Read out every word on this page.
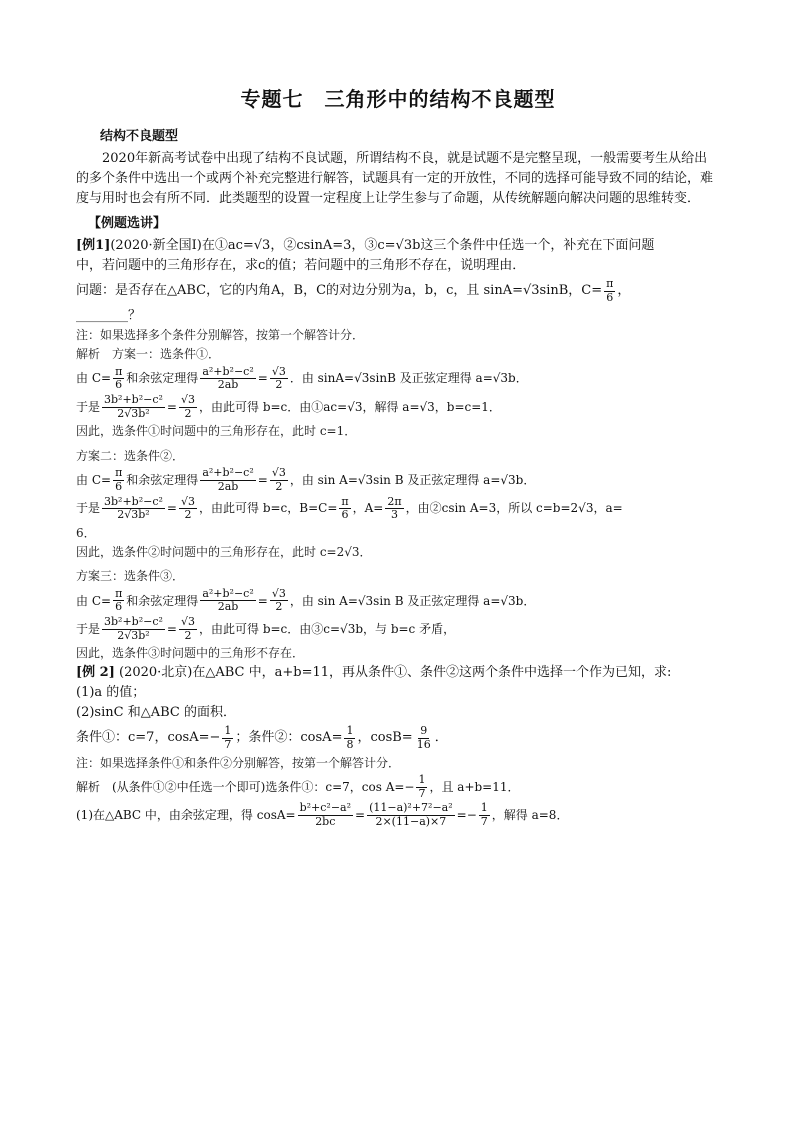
专题七　三角形中的结构不良题型
结构不良题型

2020年新高考试卷中出现了结构不良试题，所谓结构不良，就是试题不是完整呈现，一般需要考生从给出的多个条件中选出一个或两个补充完整进行解答，试题具有一定的开放性，不同的选择可能导致不同的结论，难度与用时也会有所不同．此类题型的设置一定程度上让学生参与了命题，从传统解题向解决问题的思维转变．

【例题选讲】

[例1](2020·新全国Ⅰ)在①ac=√3，②csinA=3，③c=√3b这三个条件中任选一个，补充在下面问题

中，若问题中的三角形存在，求c的值；若问题中的三角形不存在，说明理由．

问题：是否存在△ABC，它的内角A，B，C的对边分别为a，b，c，且 sinA=√3sinB，$C= \frac{\pi}{6}$ ，

________？

注：如果选择多个条件分别解答，按第一个解答计分．

解析　方案一：选条件①．

由 $C= \frac{\pi}{6}$ 和余弦定理得 $\frac{\text{a²+b²−c²}}{2ab} = \frac{√3}{2}$ ．由 sinA=√3sinB 及正弦定理得 a=√3b．
于是 $\frac{\text{3b²+b²−c²}}{\text{2√3b²}} = \frac{√3}{2}$ ，由此可得 b=c．由①ac=√3，解得 a=√3，b=c=1．

因此，选条件①时问题中的三角形存在，此时 c=1．

方案二：选条件②．

由 $C= \frac{\pi}{6}$ 和余弦定理得 $\frac{\text{a²+b²−c²}}{2ab} = \frac{√3}{2}$ ，由 sin A=√3sin B 及正弦定理得 a=√3b．
于是 $\frac{\text{3b²+b²−c²}}{\text{2√3b²}} = \frac{√3}{2}$ ，由此可得 b=c，$B=C= \frac{\pi}{6}$ ，$A= \frac{2\pi}{3}$ ，由②csin A=3，所以 c=b=2√3，a=

6．

因此，选条件②时问题中的三角形存在，此时 c=2√3．

方案三：选条件③．

由 $C= \frac{\pi}{6}$ 和余弦定理得 $\frac{\text{a²+b²−c²}}{2ab} = \frac{√3}{2}$ ，由 sin A=√3sin B 及正弦定理得 a=√3b．
于是 $\frac{\text{3b²+b²−c²}}{\text{2√3b²}} = \frac{√3}{2}$ ，由此可得 b=c．由③c=√3b，与 b=c 矛盾，

因此，选条件③时问题中的三角形不存在．

[例 2] (2020·北京)在△ABC 中，a+b=11，再从条件①、条件②这两个条件中选择一个作为已知，求:

(1)a 的值；

(2)sinC 和△ABC 的面积．

条件①：c=7，$\cos A=- \frac{1}{7}$ ；条件②：$\cos A= \frac{1}{8}$ ，$\cos B= \frac{9}{16}$ ．

注：如果选择条件①和条件②分别解答，按第一个解答计分．

解析　(从条件①②中任选一个即可)选条件①：c=7，$\cos A=- \frac{1}{7}$ ，且 a+b=11．
(1)在△ABC 中，由余弦定理，得 $\cos A= \frac{\text{b²+c²−a²}}{2bc} = \frac{\text{(11−a)²+7²−a²}}{2\times(11-a)\times 7}$ = − $\frac{1}{7}$ ，解得 a=8．
